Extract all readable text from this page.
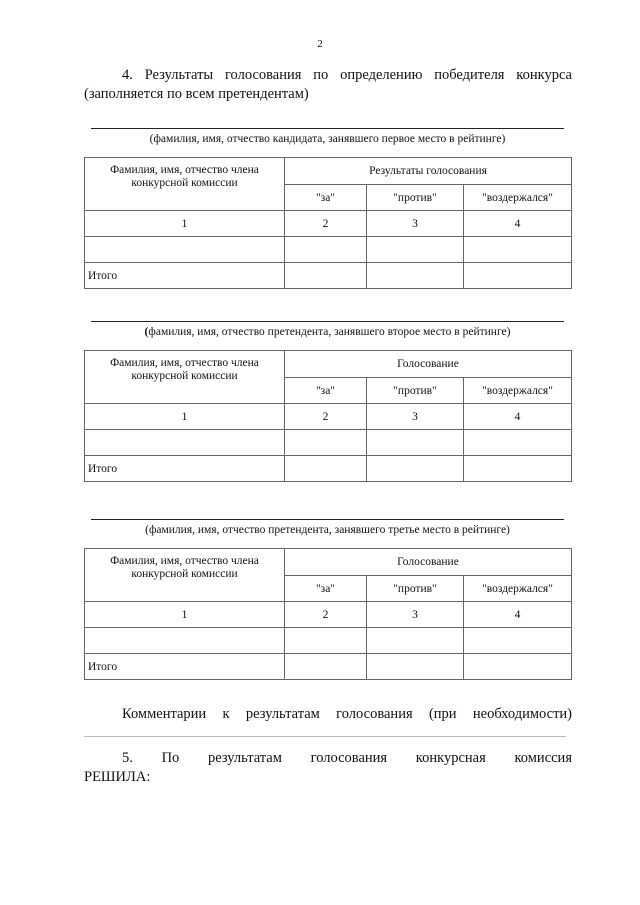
2
4. Результаты голосования по определению победителя конкурса
(заполняется по всем претендентам)
(фамилия, имя, отчество кандидата, занявшего первое место в рейтинге)
Фамилия, имя, отчество члена конкурсной комиссии	Результаты голосования		
	"за"	"против"	"воздержался"
1	2	3	4

Итого			
(фамилия, имя, отчество претендента, занявшего второе место в рейтинге)
Фамилия, имя, отчество члена конкурсной комиссии	Голосование		
	"за"	"против"	"воздержался"
1	2	3	4

Итого			
(фамилия, имя, отчество претендента, занявшего третье место в рейтинге)
Фамилия, имя, отчество члена конкурсной комиссии	Голосование		
	"за"	"против"	"воздержался"
1	2	3	4

Итого			
Комментарии к результатам голосования (при необходимости)
5. По результатам голосования конкурсная комиссия
РЕШИЛА:
